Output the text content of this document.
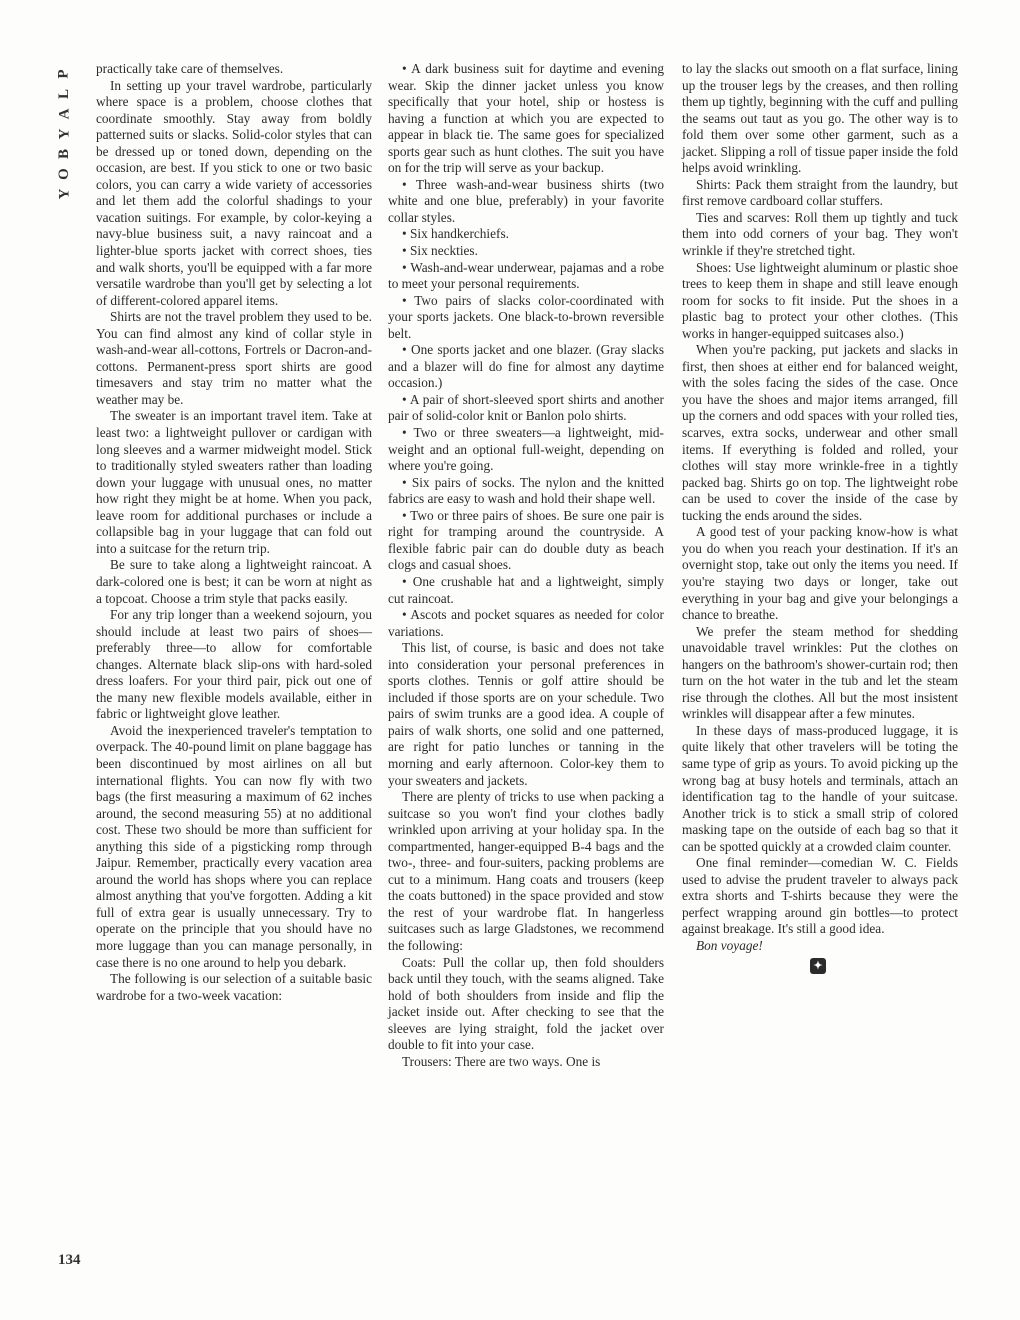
P
L
A
Y
B
O
Y
134

practically take care of themselves.

In setting up your travel wardrobe, particularly where space is a problem, choose clothes that coordinate smoothly. Stay away from boldly patterned suits or slacks. Solid-color styles that can be dressed up or toned down, depending on the occasion, are best. If you stick to one or two basic colors, you can carry a wide variety of accessories and let them add the colorful shadings to your vacation suitings. For example, by color-keying a navy-blue business suit, a navy raincoat and a lighter-blue sports jacket with correct shoes, ties and walk shorts, you'll be equipped with a far more versatile wardrobe than you'll get by selecting a lot of different-colored apparel items.

Shirts are not the travel problem they used to be. You can find almost any kind of collar style in wash-and-wear all-cottons, Fortrels or Dacron-and-cottons. Permanent-press sport shirts are good timesavers and stay trim no matter what the weather may be.

The sweater is an important travel item. Take at least two: a lightweight pullover or cardigan with long sleeves and a warmer midweight model. Stick to traditionally styled sweaters rather than loading down your luggage with unusual ones, no matter how right they might be at home. When you pack, leave room for additional purchases or include a collapsible bag in your luggage that can fold out into a suitcase for the return trip.

Be sure to take along a lightweight raincoat. A dark-colored one is best; it can be worn at night as a topcoat. Choose a trim style that packs easily.

For any trip longer than a weekend sojourn, you should include at least two pairs of shoes—preferably three—to allow for comfortable changes. Alternate black slip-ons with hard-soled dress loafers. For your third pair, pick out one of the many new flexible models available, either in fabric or lightweight glove leather.

Avoid the inexperienced traveler's temptation to overpack. The 40-pound limit on plane baggage has been discontinued by most airlines on all but international flights. You can now fly with two bags (the first measuring a maximum of 62 inches around, the second measuring 55) at no additional cost. These two should be more than sufficient for anything this side of a pigsticking romp through Jaipur. Remember, practically every vacation area around the world has shops where you can replace almost anything that you've forgotten. Adding a kit full of extra gear is usually unnecessary. Try to operate on the principle that you should have no more luggage than you can manage personally, in case there is no one around to help you debark.

The following is our selection of a suitable basic wardrobe for a two-week vacation:

• A dark business suit for daytime and evening wear. Skip the dinner jacket unless you know specifically that your hotel, ship or hostess is having a function at which you are expected to appear in black tie. The same goes for specialized sports gear such as hunt clothes. The suit you have on for the trip will serve as your backup.

• Three wash-and-wear business shirts (two white and one blue, preferably) in your favorite collar styles.

• Six handkerchiefs.

• Six neckties.

• Wash-and-wear underwear, pajamas and a robe to meet your personal requirements.

• Two pairs of slacks color-coordinated with your sports jackets. One black-to-brown reversible belt.

• One sports jacket and one blazer. (Gray slacks and a blazer will do fine for almost any daytime occasion.)

• A pair of short-sleeved sport shirts and another pair of solid-color knit or Banlon polo shirts.

• Two or three sweaters—a lightweight, mid-weight and an optional full-weight, depending on where you're going.

• Six pairs of socks. The nylon and the knitted fabrics are easy to wash and hold their shape well.

• Two or three pairs of shoes. Be sure one pair is right for tramping around the countryside. A flexible fabric pair can do double duty as beach clogs and casual shoes.

• One crushable hat and a lightweight, simply cut raincoat.

• Ascots and pocket squares as needed for color variations.

This list, of course, is basic and does not take into consideration your personal preferences in sports clothes. Tennis or golf attire should be included if those sports are on your schedule. Two pairs of swim trunks are a good idea. A couple of pairs of walk shorts, one solid and one patterned, are right for patio lunches or tanning in the morning and early afternoon. Color-key them to your sweaters and jackets.

There are plenty of tricks to use when packing a suitcase so you won't find your clothes badly wrinkled upon arriving at your holiday spa. In the compartmented, hanger-equipped B-4 bags and the two-, three- and four-suiters, packing problems are cut to a minimum. Hang coats and trousers (keep the coats buttoned) in the space provided and stow the rest of your wardrobe flat. In hangerless suitcases such as large Gladstones, we recommend the following:

Coats: Pull the collar up, then fold shoulders back until they touch, with the seams aligned. Take hold of both shoulders from inside and flip the jacket inside out. After checking to see that the sleeves are lying straight, fold the jacket over double to fit into your case.

Trousers: There are two ways. One is

to lay the slacks out smooth on a flat surface, lining up the trouser legs by the creases, and then rolling them up tightly, beginning with the cuff and pulling the seams out taut as you go. The other way is to fold them over some other garment, such as a jacket. Slipping a roll of tissue paper inside the fold helps avoid wrinkling.

Shirts: Pack them straight from the laundry, but first remove cardboard collar stuffers.

Ties and scarves: Roll them up tightly and tuck them into odd corners of your bag. They won't wrinkle if they're stretched tight.

Shoes: Use lightweight aluminum or plastic shoe trees to keep them in shape and still leave enough room for socks to fit inside. Put the shoes in a plastic bag to protect your other clothes. (This works in hanger-equipped suitcases also.)

When you're packing, put jackets and slacks in first, then shoes at either end for balanced weight, with the soles facing the sides of the case. Once you have the shoes and major items arranged, fill up the corners and odd spaces with your rolled ties, scarves, extra socks, underwear and other small items. If everything is folded and rolled, your clothes will stay more wrinkle-free in a tightly packed bag. Shirts go on top. The lightweight robe can be used to cover the inside of the case by tucking the ends around the sides.

A good test of your packing know-how is what you do when you reach your destination. If it's an overnight stop, take out only the items you need. If you're staying two days or longer, take out everything in your bag and give your belongings a chance to breathe.

We prefer the steam method for shedding unavoidable travel wrinkles: Put the clothes on hangers on the bathroom's shower-curtain rod; then turn on the hot water in the tub and let the steam rise through the clothes. All but the most insistent wrinkles will disappear after a few minutes.

In these days of mass-produced luggage, it is quite likely that other travelers will be toting the same type of grip as yours. To avoid picking up the wrong bag at busy hotels and terminals, attach an identification tag to the handle of your suitcase. Another trick is to stick a small strip of colored masking tape on the outside of each bag so that it can be spotted quickly at a crowded claim counter.

One final reminder—comedian W. C. Fields used to advise the prudent traveler to always pack extra shorts and T-shirts because they were the perfect wrapping around gin bottles—to protect against breakage. It's still a good idea.

Bon voyage!

✦
